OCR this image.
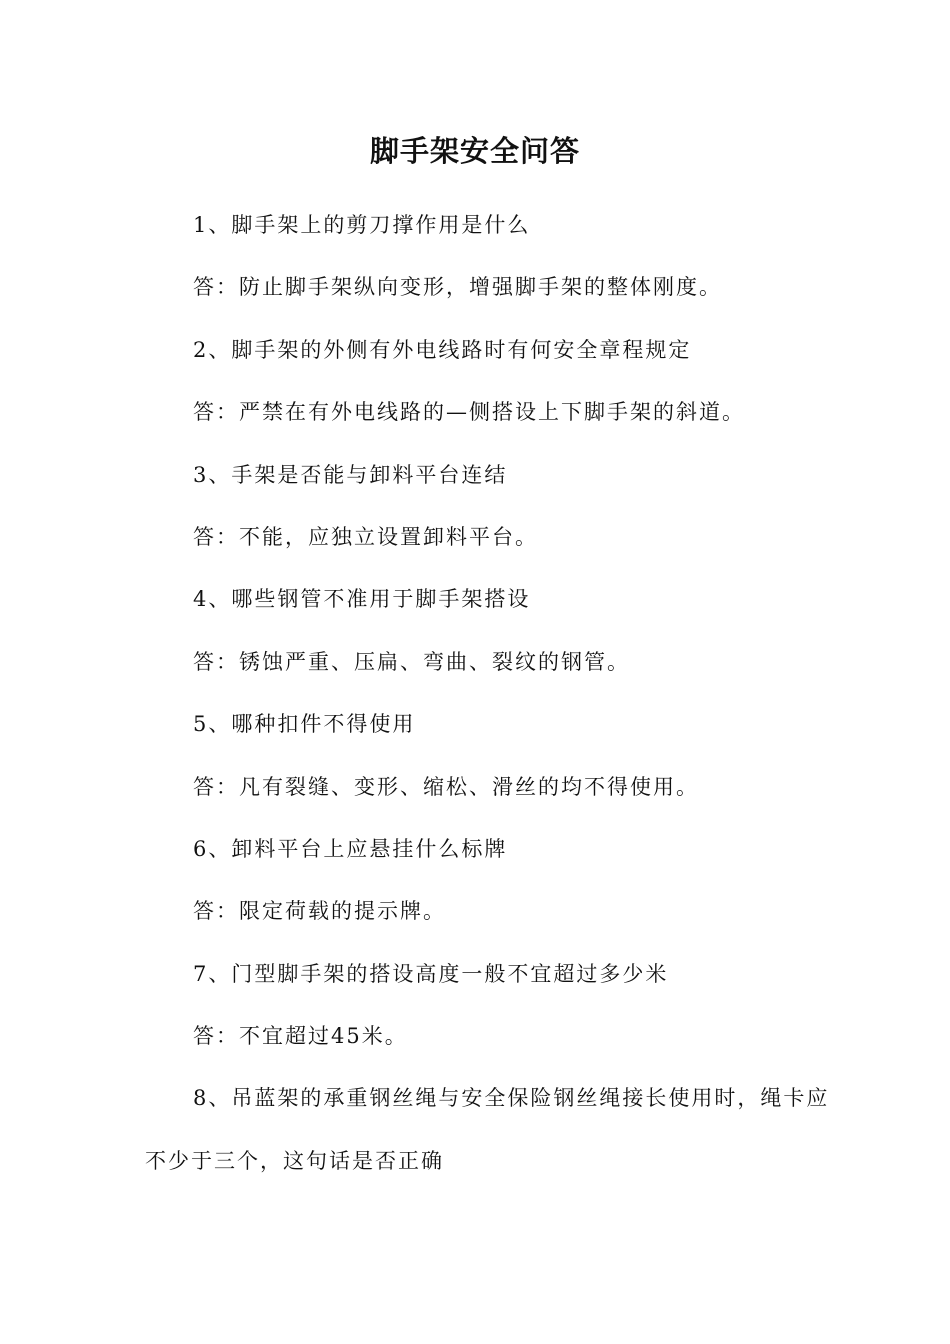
脚手架安全问答
1、脚手架上的剪刀撑作用是什么
答：防止脚手架纵向变形，增强脚手架的整体刚度。
2、脚手架的外侧有外电线路时有何安全章程规定
答：严禁在有外电线路的—侧搭设上下脚手架的斜道。
3、手架是否能与卸料平台连结
答：不能，应独立设置卸料平台。
4、哪些钢管不准用于脚手架搭设
答：锈蚀严重、压扁、弯曲、裂纹的钢管。
5、哪种扣件不得使用
答：凡有裂缝、变形、缩松、滑丝的均不得使用。
6、卸料平台上应悬挂什么标牌
答：限定荷载的提示牌。
7、门型脚手架的搭设高度一般不宜超过多少米
答：不宜超过45米。
8、吊蓝架的承重钢丝绳与安全保险钢丝绳接长使用时，绳卡应
不少于三个，这句话是否正确
